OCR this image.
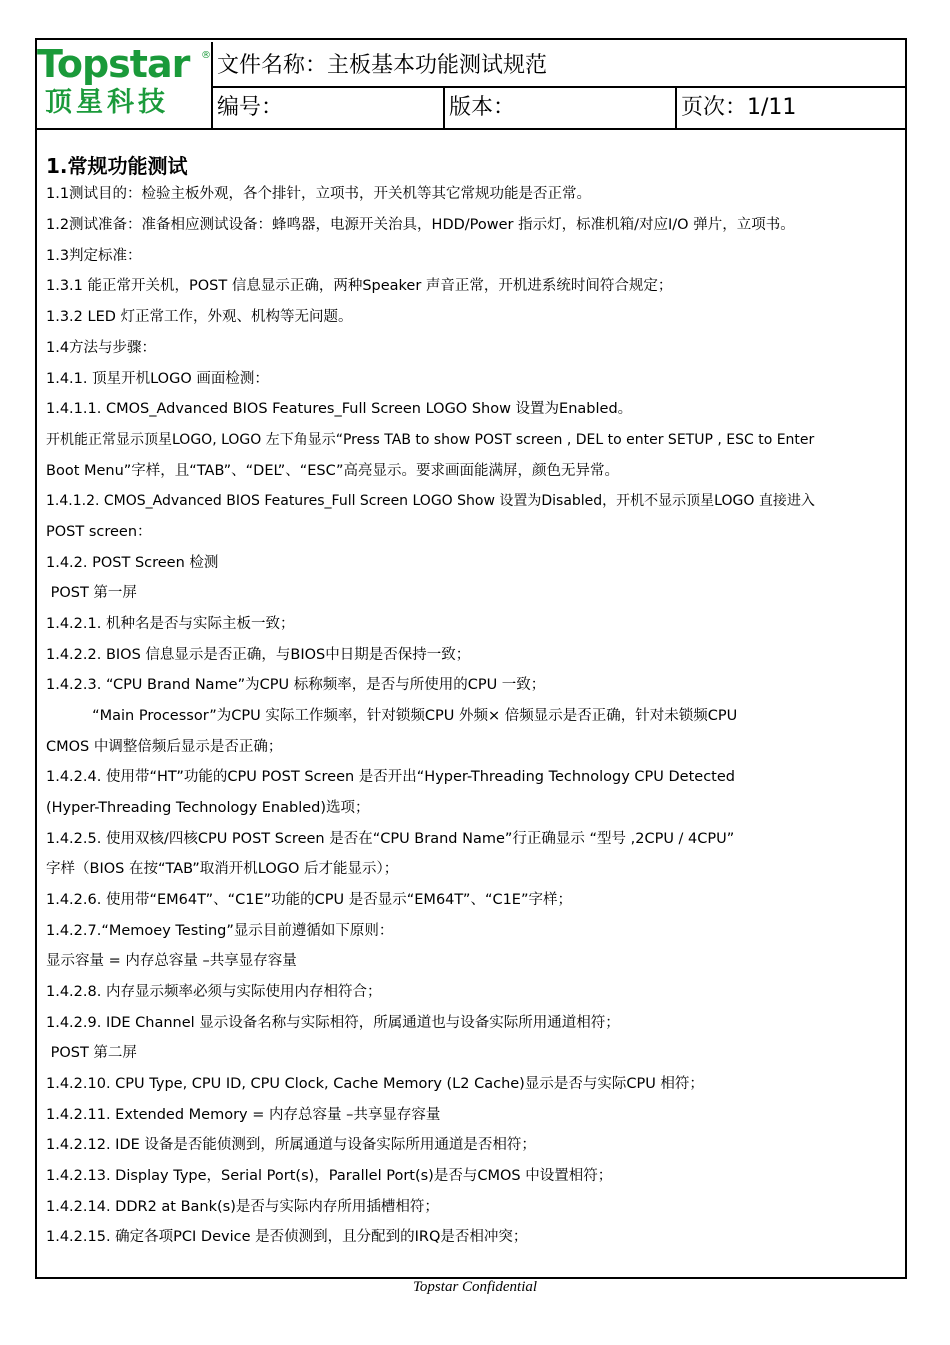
Topstar ®
顶星科技
文件名称：主板基本功能测试规范
编号：	版本：	页次：1/11
1.常规功能测试
1.1测试目的：检验主板外观，各个排针，立项书，开关机等其它常规功能是否正常。
1.2测试准备：准备相应测试设备：蜂鸣器，电源开关治具，HDD/Power 指示灯，标准机箱/对应I/O 弹片，立项书。
1.3判定标准：
1.3.1 能正常开关机，POST 信息显示正确，两种Speaker 声音正常，开机进系统时间符合规定；
1.3.2 LED 灯正常工作，外观、机构等无问题。
1.4方法与步骤：
1.4.1. 顶星开机LOGO 画面检测：
1.4.1.1. CMOS_Advanced BIOS Features_Full Screen LOGO Show 设置为Enabled。
开机能正常显示顶星LOGO, LOGO 左下角显示“Press TAB to show POST screen , DEL to enter SETUP , ESC to Enter
Boot Menu”字样，且“TAB”、“DEL”、“ESC”高亮显示。要求画面能满屏，颜色无异常。
1.4.1.2. CMOS_Advanced BIOS Features_Full Screen LOGO Show 设置为Disabled，开机不显示顶星LOGO 直接进入
POST screen：
1.4.2. POST Screen 检测
POST 第一屏
1.4.2.1. 机种名是否与实际主板一致；
1.4.2.2. BIOS 信息显示是否正确，与BIOS中日期是否保持一致；
1.4.2.3. “CPU Brand Name”为CPU 标称频率，是否与所使用的CPU 一致；
“Main Processor”为CPU 实际工作频率，针对锁频CPU 外频× 倍频显示是否正确，针对未锁频CPU
CMOS 中调整倍频后显示是否正确；
1.4.2.4. 使用带“HT”功能的CPU POST Screen 是否开出“Hyper-Threading Technology CPU Detected
(Hyper-Threading Technology Enabled)选项；
1.4.2.5. 使用双核/四核CPU POST Screen 是否在“CPU Brand Name”行正确显示 “型号 ,2CPU / 4CPU”
字样（BIOS 在按“TAB”取消开机LOGO 后才能显示）；
1.4.2.6. 使用带“EM64T”、“C1E”功能的CPU 是否显示“EM64T”、“C1E”字样；
1.4.2.7.“Memoey Testing”显示目前遵循如下原则：
显示容量 = 内存总容量 –共享显存容量
1.4.2.8. 内存显示频率必须与实际使用内存相符合；
1.4.2.9. IDE Channel 显示设备名称与实际相符，所属通道也与设备实际所用通道相符；
POST 第二屏
1.4.2.10. CPU Type, CPU ID, CPU Clock, Cache Memory (L2 Cache)显示是否与实际CPU 相符；
1.4.2.11. Extended Memory = 内存总容量 –共享显存容量
1.4.2.12. IDE 设备是否能侦测到，所属通道与设备实际所用通道是否相符；
1.4.2.13. Display Type，Serial Port(s)，Parallel Port(s)是否与CMOS 中设置相符；
1.4.2.14. DDR2 at Bank(s)是否与实际内存所用插槽相符；
1.4.2.15. 确定各项PCI Device 是否侦测到，且分配到的IRQ是否相冲突；
Topstar Confidential
